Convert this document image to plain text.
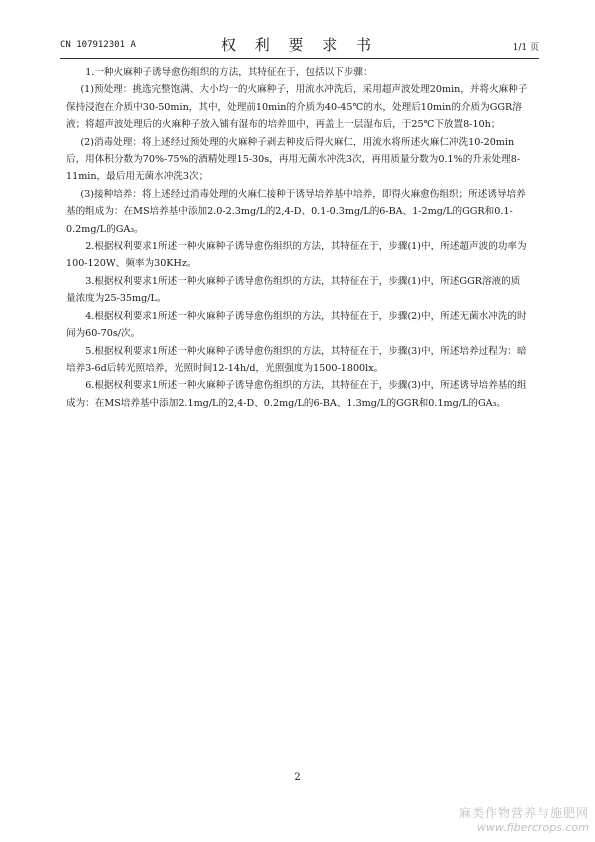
CN 107912301 A	权 利 要 求 书	1/1 页

1.一种火麻种子诱导愈伤组织的方法，其特征在于，包括以下步骤：

(1)预处理：挑选完整饱满、大小均一的火麻种子，用流水冲洗后，采用超声波处理20min，并将火麻种子保持浸泡在介质中30-50min，其中，处理前10min的介质为40-45℃的水，处理后10min的介质为GGR溶液；将超声波处理后的火麻种子放入铺有湿布的培养皿中，再盖上一层湿布后，于25℃下放置8-10h；

(2)消毒处理：将上述经过预处理的火麻种子剥去种皮后得火麻仁，用流水将所述火麻仁冲洗10-20min后，用体积分数为70%-75%的酒精处理15-30s，再用无菌水冲洗3次，再用质量分数为0.1%的升汞处理8-11min，最后用无菌水冲洗3次；

(3)接种培养：将上述经过消毒处理的火麻仁接种于诱导培养基中培养，即得火麻愈伤组织；所述诱导培养基的组成为：在MS培养基中添加2.0-2.3mg/L的2,4-D、0.1-0.3mg/L的6-BA、1-2mg/L的GGR和0.1-0.2mg/L的GA₃。

2.根据权利要求1所述一种火麻种子诱导愈伤组织的方法，其特征在于，步骤(1)中，所述超声波的功率为100-120W、频率为30KHz。

3.根据权利要求1所述一种火麻种子诱导愈伤组织的方法，其特征在于，步骤(1)中，所述GGR溶液的质量浓度为25-35mg/L。

4.根据权利要求1所述一种火麻种子诱导愈伤组织的方法，其特征在于，步骤(2)中，所述无菌水冲洗的时间为60-70s/次。

5.根据权利要求1所述一种火麻种子诱导愈伤组织的方法，其特征在于，步骤(3)中，所述培养过程为：暗培养3-6d后转光照培养，光照时间12-14h/d，光照强度为1500-1800lx。

6.根据权利要求1所述一种火麻种子诱导愈伤组织的方法，其特征在于，步骤(3)中，所述诱导培养基的组成为：在MS培养基中添加2.1mg/L的2,4-D、0.2mg/L的6-BA、1.3mg/L的GGR和0.1mg/L的GA₃。

2
麻类作物营养与施肥网
www.fibercrops.com
